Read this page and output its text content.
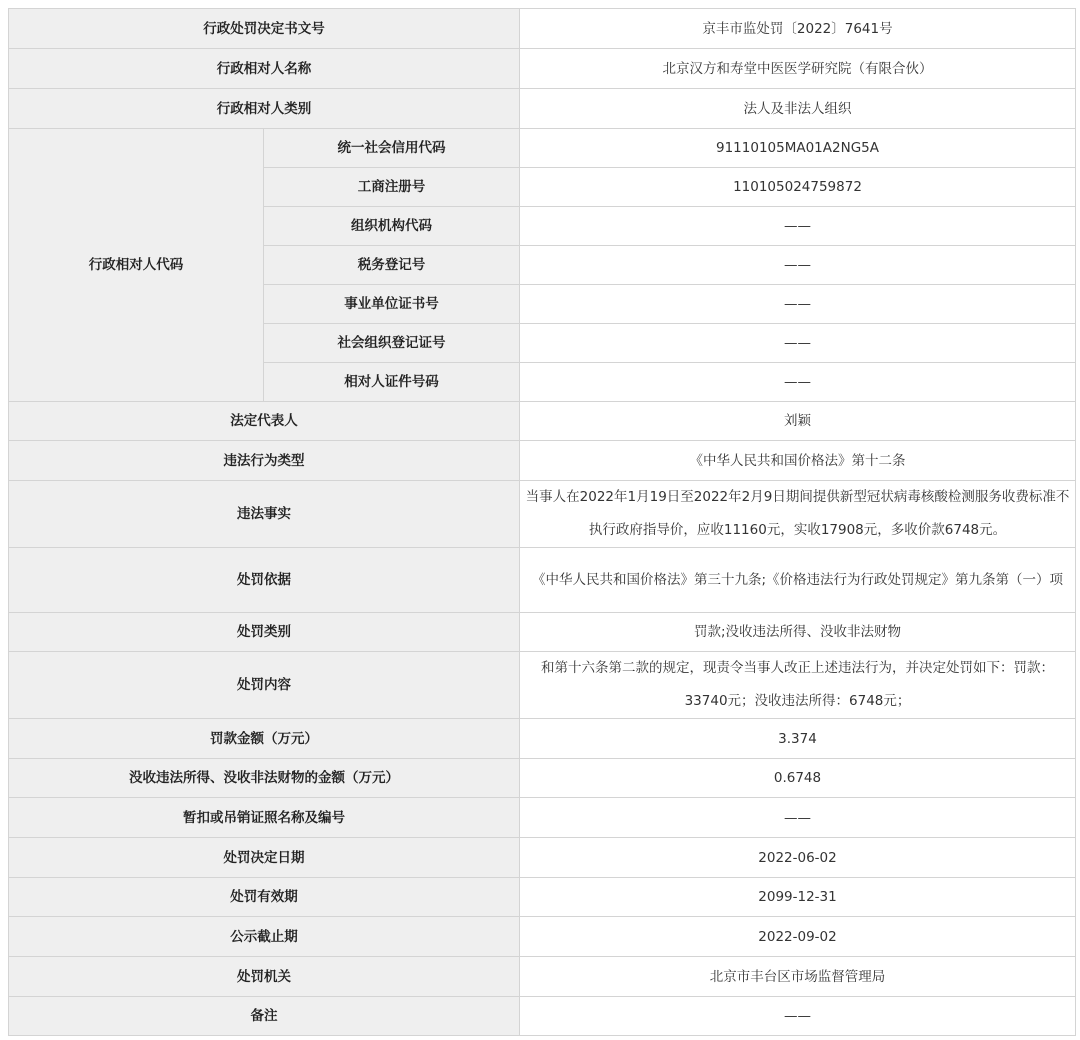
行政处罚决定书文号		京丰市监处罚〔2022〕7641号
行政相对人名称		北京汉方和寿堂中医医学研究院（有限合伙）
行政相对人类别		法人及非法人组织
行政相对人代码	统一社会信用代码	91110105MA01A2NG5A
	工商注册号	110105024759872
	组织机构代码	——
	税务登记号	——
	事业单位证书号	——
	社会组织登记证号	——
	相对人证件号码	——
法定代表人		刘颖
违法行为类型		《中华人民共和国价格法》第十二条
违法事实		当事人在2022年1月19日至2022年2月9日期间提供新型冠状病毒核酸检测服务收费标准不执行政府指导价，应收11160元，实收17908元，多收价款6748元。
处罚依据		《中华人民共和国价格法》第三十九条;《价格违法行为行政处罚规定》第九条第（一）项
处罚类别		罚款;没收违法所得、没收非法财物
处罚内容		和第十六条第二款的规定，现责令当事人改正上述违法行为，并决定处罚如下：罚款：33740元；没收违法所得：6748元；
罚款金额（万元）		3.374
没收违法所得、没收非法财物的金额（万元）		0.6748
暂扣或吊销证照名称及编号		——
处罚决定日期		2022-06-02
处罚有效期		2099-12-31
公示截止期		2022-09-02
处罚机关		北京市丰台区市场监督管理局
备注		——
